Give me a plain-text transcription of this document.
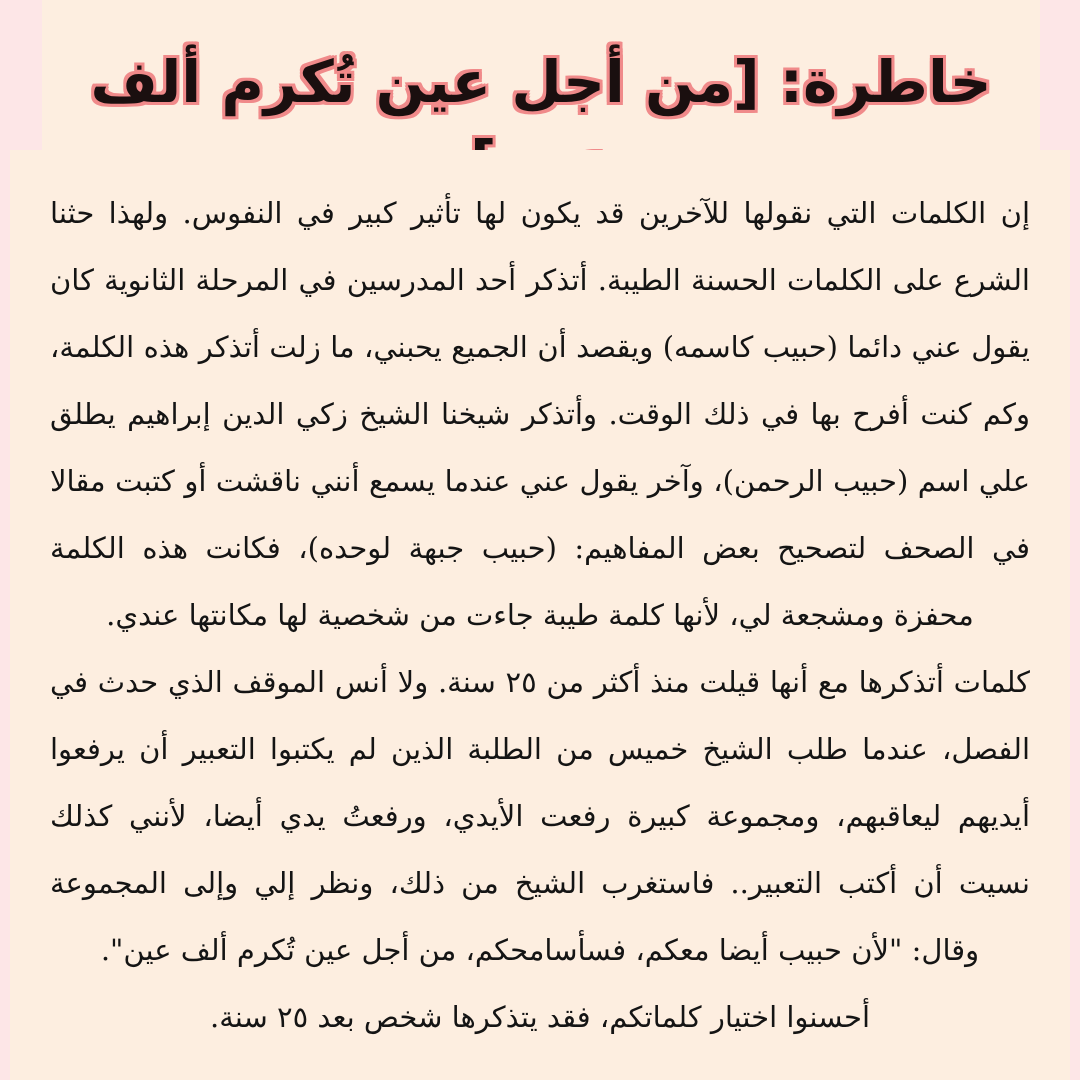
خاطرة: [من أجل عين تُكرم ألف

إن الكلمات التي نقولها للآخرين قد يكون لها تأثير كبير في النفوس. ولهذا حثنا الشرع على الكلمات الحسنة الطيبة. أتذكر أحد المدرسين في المرحلة الثانوية كان يقول عني دائما (حبيب كاسمه) ويقصد أن الجميع يحبني، ما زلت أتذكر هذه الكلمة، وكم كنت أفرح بها في ذلك الوقت. وأتذكر شيخنا الشيخ زكي الدين إبراهيم يطلق علي اسم (حبيب الرحمن)، وآخر يقول عني عندما يسمع أنني ناقشت أو كتبت مقالا في الصحف لتصحيح بعض المفاهيم: (حبيب جبهة لوحده)، فكانت هذه الكلمة محفزة ومشجعة لي، لأنها كلمة طيبة جاءت من شخصية لها مكانتها عندي.

كلمات أتذكرها مع أنها قيلت منذ أكثر من ٢٥ سنة. ولا أنس الموقف الذي حدث في الفصل، عندما طلب الشيخ خميس من الطلبة الذين لم يكتبوا التعبير أن يرفعوا أيديهم ليعاقبهم، ومجموعة كبيرة رفعت الأيدي، ورفعتُ يدي أيضا، لأنني كذلك نسيت أن أكتب التعبير.. فاستغرب الشيخ من ذلك، ونظر إلي وإلى المجموعة وقال: "لأن حبيب أيضا معكم، فسأسامحكم، من أجل عين تُكرم ألف عين".

أحسنوا اختيار كلماتكم، فقد يتذكرها شخص بعد ٢٥ سنة.
